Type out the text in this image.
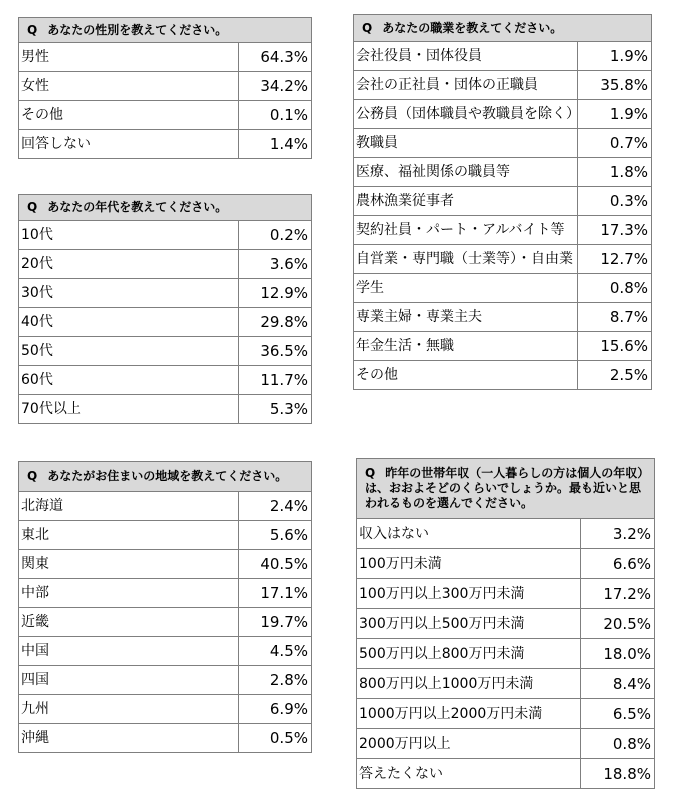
Q あなたの性別を教えてください。	
男性	64.3%
女性	34.2%
その他	0.1%
回答しない	1.4%
Q あなたの年代を教えてください。	
10代	0.2%
20代	3.6%
30代	12.9%
40代	29.8%
50代	36.5%
60代	11.7%
70代以上	5.3%
Q あなたの職業を教えてください。	
会社役員・団体役員	1.9%
会社の正社員・団体の正職員	35.8%
公務員（団体職員や教職員を除く）	1.9%
教職員	0.7%
医療、福祉関係の職員等	1.8%
農林漁業従事者	0.3%
契約社員・パート・アルバイト等	17.3%
自営業・専門職（士業等）・自由業	12.7%
学生	0.8%
専業主婦・専業主夫	8.7%
年金生活・無職	15.6%
その他	2.5%
Q あなたがお住まいの地域を教えてください。	
北海道	2.4%
東北	5.6%
関東	40.5%
中部	17.1%
近畿	19.7%
中国	4.5%
四国	2.8%
九州	6.9%
沖縄	0.5%
Q 昨年の世帯年収（一人暮らしの方は個人の年収）は、おおよそどのくらいでしょうか。最も近いと思われるものを選んでください。	
収入はない	3.2%
100万円未満	6.6%
100万円以上300万円未満	17.2%
300万円以上500万円未満	20.5%
500万円以上800万円未満	18.0%
800万円以上1000万円未満	8.4%
1000万円以上2000万円未満	6.5%
2000万円以上	0.8%
答えたくない	18.8%
